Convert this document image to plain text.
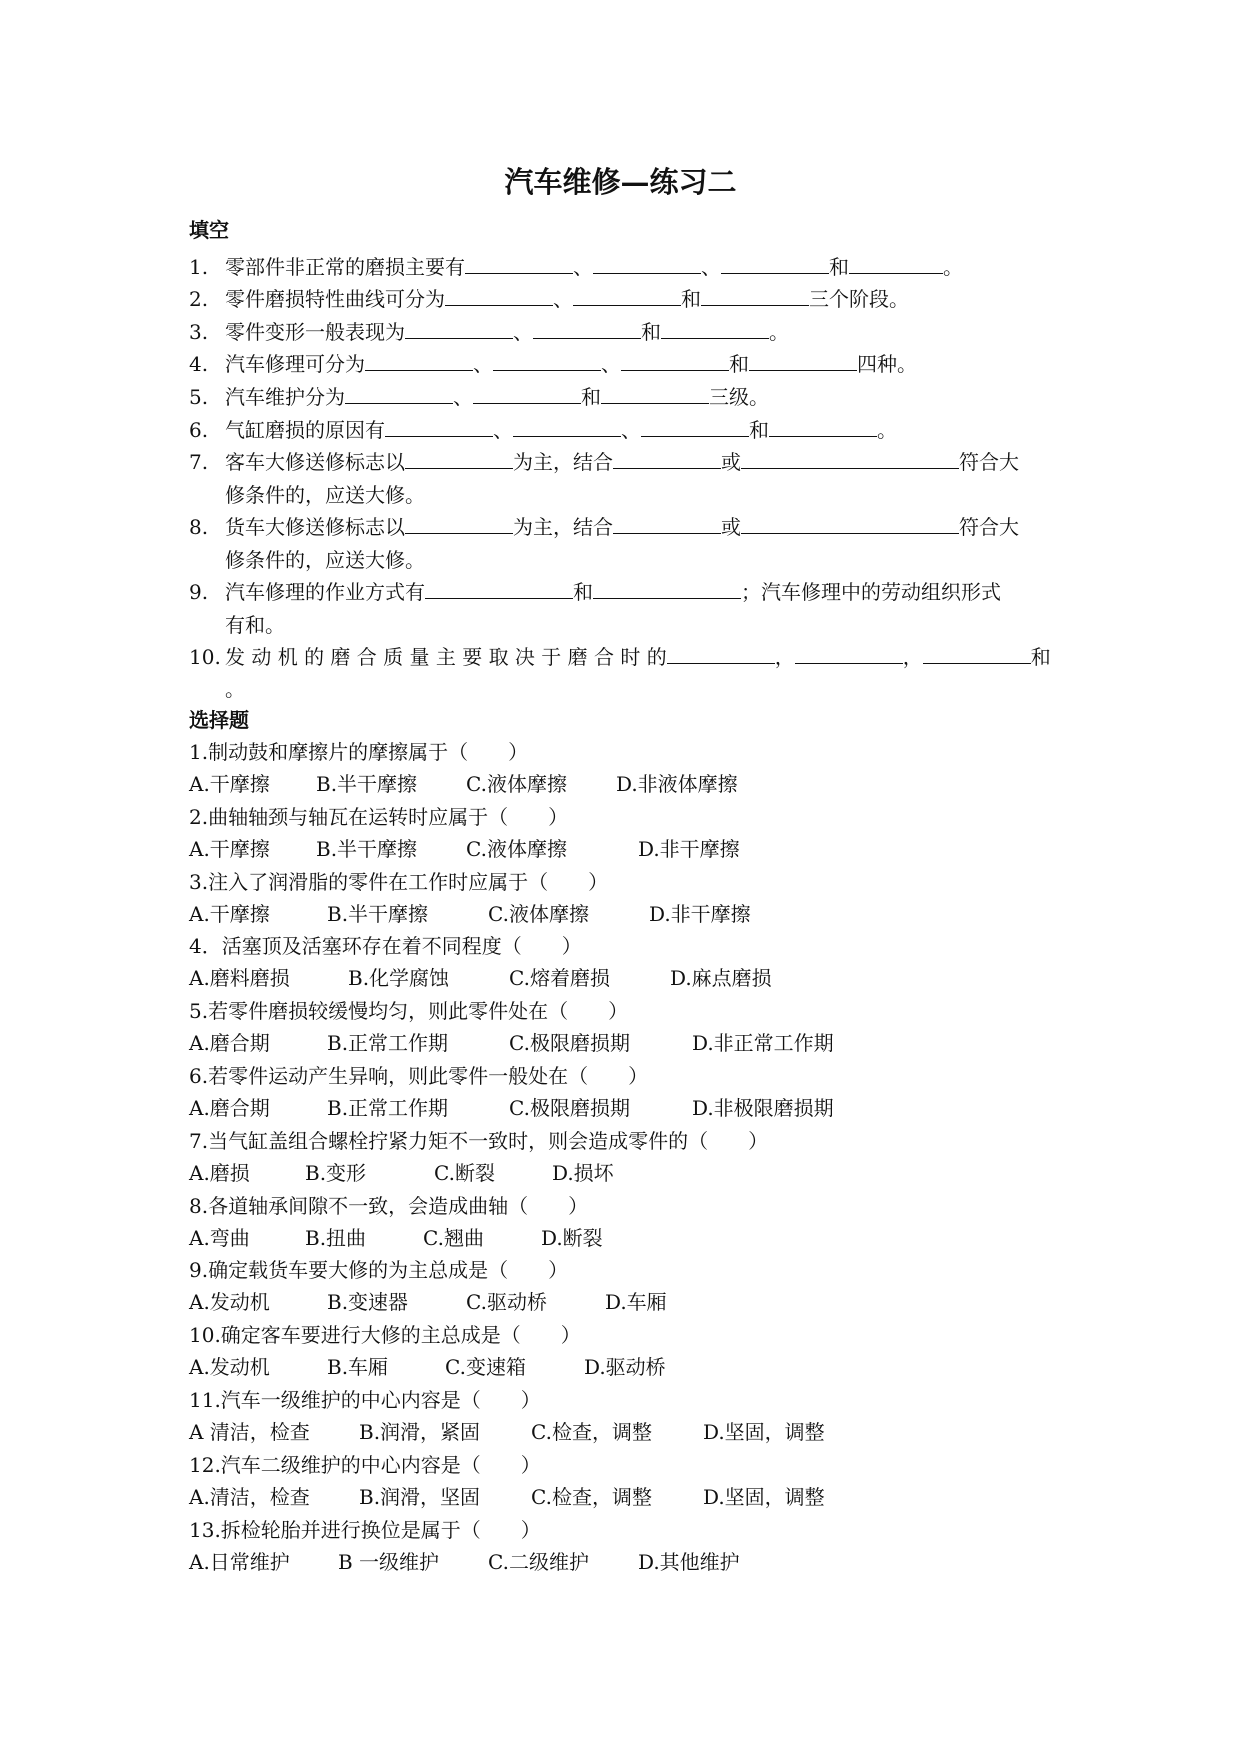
汽车维修—练习二
填空
1. 零部件非正常的磨损主要有	、	、	和	。
2. 零件磨损特性曲线可分为	、	和	三个阶段。
3. 零件变形一般表现为	、	和	。
4. 汽车修理可分为	、	、	和	四种。
5. 汽车维护分为	、	和	三级。
6. 气缸磨损的原因有	、	、	和	。
7. 客车大修送修标志以	为主，结合	或	符合大
修条件的，应送大修。
8. 货车大修送修标志以	为主，结合	或	符合大
修条件的，应送大修。
9. 汽车修理的作业方式有	和	；汽车修理中的劳动组织形式
有和。
10. 发 动 机 的 磨 合 质 量 主 要 取 决 于 磨 合 时 的	，	，	和
。
选择题
1.制动鼓和摩擦片的摩擦属于（　　）
A.干摩擦 B.半干摩擦 C.液体摩擦 D.非液体摩擦
2.曲轴轴颈与轴瓦在运转时应属于（　　）
A.干摩擦 B.半干摩擦 C.液体摩擦	D.非干摩擦
3.注入了润滑脂的零件在工作时应属于（　　）
A.干摩擦	B.半干摩擦	C.液体摩擦	D.非干摩擦
4．活塞顶及活塞环存在着不同程度（　　）
A.磨料磨损	B.化学腐蚀	C.熔着磨损	D.麻点磨损
5.若零件磨损较缓慢均匀，则此零件处在（　　）
A.磨合期	B.正常工作期	C.极限磨损期	D.非正常工作期
6.若零件运动产生异响，则此零件一般处在（　　）
A.磨合期	B.正常工作期	C.极限磨损期	D.非极限磨损期
7.当气缸盖组合螺栓拧紧力矩不一致时，则会造成零件的（　　）
A.磨损	B.变形	C.断裂	D.损坏
8.各道轴承间隙不一致，会造成曲轴（　　）
A.弯曲	B.扭曲	C.翘曲	D.断裂
9.确定载货车要大修的为主总成是（　　）
A.发动机	B.变速器	C.驱动桥	D.车厢
10.确定客车要进行大修的主总成是（　　）
A.发动机	B.车厢	C.变速箱	D.驱动桥
11.汽车一级维护的中心内容是（　　）
A 清洁，检查 B.润滑，紧固	C.检查，调整	D.坚固，调整
12.汽车二级维护的中心内容是（　　）
A.清洁，检查 B.润滑，坚固	C.检查，调整	D.坚固，调整
13.拆检轮胎并进行换位是属于（　　）
A.日常维护 B 一级维护 C.二级维护 D.其他维护
